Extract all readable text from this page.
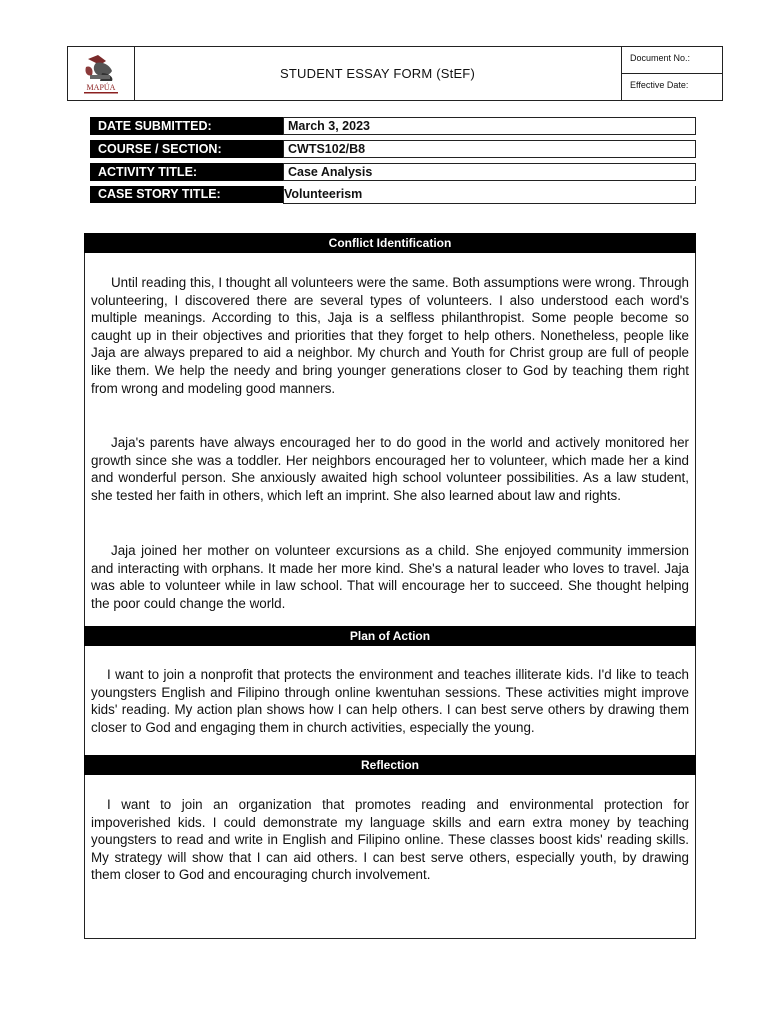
MAPÚA
STUDENT ESSAY FORM (StEF)
Document No.:
Effective Date:
DATE SUBMITTED:	March 3, 2023
COURSE / SECTION:	CWTS102/B8
ACTIVITY TITLE:	Case Analysis
CASE STORY TITLE:	Volunteerism
Conflict Identification
Until reading this, I thought all volunteers were the same. Both assumptions were wrong. Through volunteering, I discovered there are several types of volunteers. I also understood each word's multiple meanings. According to this, Jaja is a selfless philanthropist. Some people become so caught up in their objectives and priorities that they forget to help others. Nonetheless, people like Jaja are always prepared to aid a neighbor. My church and Youth for Christ group are full of people like them. We help the needy and bring younger generations closer to God by teaching them right from wrong and modeling good manners.
Jaja's parents have always encouraged her to do good in the world and actively monitored her growth since she was a toddler. Her neighbors encouraged her to volunteer, which made her a kind and wonderful person. She anxiously awaited high school volunteer possibilities. As a law student, she tested her faith in others, which left an imprint. She also learned about law and rights.
Jaja joined her mother on volunteer excursions as a child. She enjoyed community immersion and interacting with orphans. It made her more kind. She's a natural leader who loves to travel. Jaja was able to volunteer while in law school. That will encourage her to succeed. She thought helping the poor could change the world.
Plan of Action
I want to join a nonprofit that protects the environment and teaches illiterate kids. I'd like to teach youngsters English and Filipino through online kwentuhan sessions. These activities might improve kids' reading. My action plan shows how I can help others. I can best serve others by drawing them closer to God and engaging them in church activities, especially the young.
Reflection
I want to join an organization that promotes reading and environmental protection for impoverished kids. I could demonstrate my language skills and earn extra money by teaching youngsters to read and write in English and Filipino online. These classes boost kids' reading skills. My strategy will show that I can aid others. I can best serve others, especially youth, by drawing them closer to God and encouraging church involvement.
